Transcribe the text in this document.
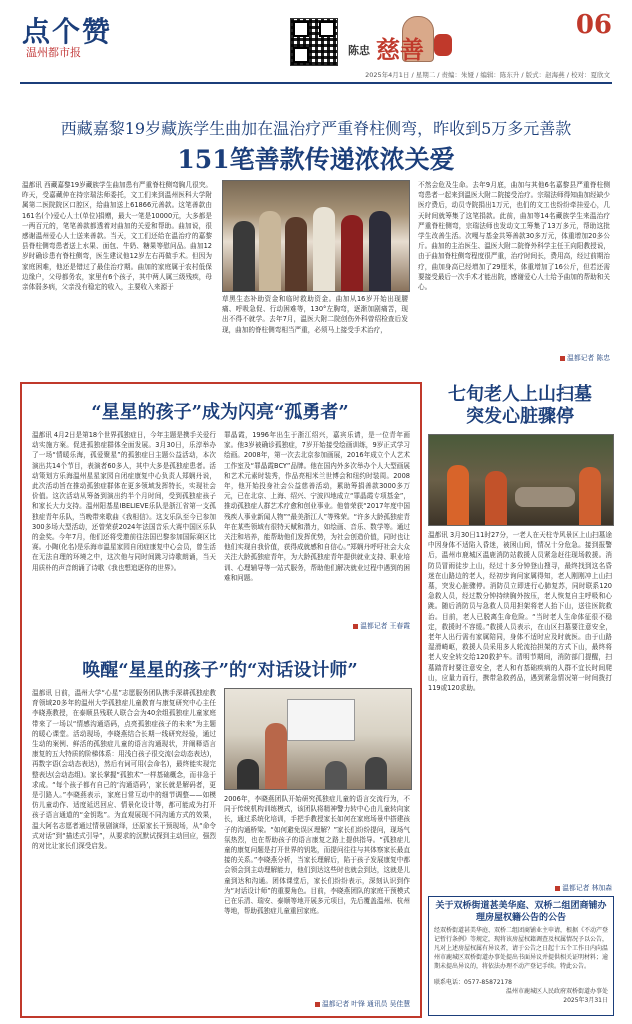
点个赞
温州都市报
06
陈忠 慈善
2025年4月1日 / 星期二 / 责编：朱娅 / 编辑：陈东升 / 版式：赵海燕 / 校对：夏欣文
西藏嘉黎19岁藏族学生曲加在温治疗严重脊柱侧弯，昨收到5万多元善款
151笔善款传递浓浓关爱
温都讯 西藏嘉黎19岁藏族学生曲加患有严重脊柱侧弯胸几很突。昨天，受嘉藏仲在持宗瑞法师委托，文工们来到温州医科大学附属第二医院院区口腔区，给曲加送上61866元善款。这笔善款由161名(个)爱心人士(单位)捐赠，最大一笔是10000元，大多都是一两百元的，笔笔善款都透着对曲加的关爱和帮助。曲加说，很感谢温州爱心人士送来善款。当天，文工们还给在温治疗的嘉黎县脊柱侧弯患者送上水果、面包、牛奶、糖果等慰问品。曲加12岁时确诊患有脊柱侧弯，医生建议他12岁左右再做手术。但因为家庭困难，他还是错过了最佳治疗期。曲加的家庭属于农村低保边缘户，父母都务农，家里有6个孩子，其中两人属三级残疾，母亲体弱多病，父亲没有稳定的收入，主要收入来源于
草黑生态补助资金和临时救助资金。曲加从16岁开始出现腰痛、呼吸急促、行动困难等，130°左胸弯，逐渐加剧痛苦，现出不得不就学。去年7月，温医大附二院创伤外科曾绍检查后发现，曲加的脊柱侧弯相当严重，必须马上接受手术治疗，
不然会危及生命。去年9月底，曲加与其他6名嘉黎县严重脊柱侧弯患者一起来到温医大附二院接受治疗。宗瑞法师得知曲加经缺少医疗费后，动员寺院捐出1万元，也们的文工也纷纷牵挂爱心，几天时间就筹集了这笔捐款。此前，曲加等14名藏族学生来温治疗严重脊柱侧弯，宗瑞法师也发动文工筹集了13万多元，帮助这批学生改善生活。次嘎与基金共筹善款30多万元，体重增加20多公斤。曲加的主治医生、温医大附二院脊外科学主任王向阳教授说，由于曲加脊柱侧弯程度很严重，治疗时间长，费用高，经过前期治疗，曲加身高已经增加了29厘米，体重增加了16公斤，但若还需要接受最后一次手术才能出院，感谢爱心人士给予曲加的帮助和关心。
温都记者 陈忠
“星星的孩子”成为闪亮“孤勇者”
温都讯 4月2日是第18个世界孤独症日，今年主题是携手关爱行动实施方案。促进孤独症群体全面发展。3月30日，乐淳举办了一场“情暖乐海，孤爱聚星”的孤独症日主题公益活动，本次演出共14个节目，表演者60多人，其中大多是孤独症患者。活动策划方乐海温州星星家园自闭症康复中心负责人郑娴丹说，此次活动旨在推动孤独症群体在更多领域发挥特长，实现社会价值。这次活动从筹备到演出约半个月时间，受到孤独症孩子和家长大力支持。温州阳基星IBELIEVE乐队是浙江省第一支孤独症青年乐队，当晚带来歌曲《我相信》。这支乐队至今已参加300多场大型活动，还曾荣获2024年法国音乐大赛中国区乐队的金奖。今年7月，他们还将受邀前往法国巴黎参加国际赛区比赛。小陶(化名)是乐海市温星家园自闭症康复中心会员，曾生活在无法自理的环境之中，这次他与同时间跳习诗歌朗诵，当天用质朴的声音朗诵了诗歌《我也想追逐你的世界》。
罪晶霞，1996年出生于浙江绍兴，嘉宾乐请，是一位青年画家。他3岁被确诊孤独症，7岁开始接受绘画训练，9岁正式学习绘画。2008年，第一次去北京参加画展，2016年成立个人艺术工作室及“罪晶霞BCY”品牌。他在国内外多次举办个人大型画展和艺术元素时装秀，作品亮相米兰世博会和纽约时装周。2008年，他开始投身社会公益慈善活动，累助筹捐善款3000多万元，已在北京、上海、绍兴、宁波四地成立“罪晶霞专项基金”，推动孤独症人群艺术疗愈和创业事业。他曾荣获“2017年度中国残疾人事业新闻人物”“最美浙江人”等殊荣。“许多大龄孤独症青年在某些领域有很特天赋和潜力，如绘画、音乐、数学等。通过关注和培养，能帮助他们发挥优势，为社会创造价值，同时也让他们实现自我价值，获得成就感和自信心。”郑娴丹呼吁社会大众关注大龄孤独症青年，为大龄孤独症青年提供就业支持、职业培训、心理辅导等一站式服务，帮助他们解决就业过程中遇到的困难和问题。
温都记者 王春霞
唤醒“星星的孩子”的“对话设计师”
温都讯 日前，温州大学“心星”志愿服务团队携手深耕孤独症教育领域20多年的温州大学孤独症儿童教育与康复研究中心主任李晓燕教授，在泰顺县残联人联合会为40余组孤独症儿童家庭带来了一场以“情感沟通语码，点亮孤独症孩子的未来”为主题的暖心课堂。活动现场，李晓燕结合长期一线研究经验，通过生动的案例、鲜活的孤独症儿童的语言沟通现状，并阐释语言康复的五大特质的阶梯体系：用浅白孩子很交流(会动态表达)，再数字语(会动态表达)，然后有词可用(会命名)，最终能实现完整表达(会动态组)。家长掌握“孤独术”一样基础概念，而非急于求成。“每个孩子都有自己的‘沟通语码’，家长就是解码者，更是引路人。”李晓燕表示，家庭日常互动中的细节调整——如模仿儿童动作、适度延迟回应、情景化设计等，都可能成为打开孩子语言通道的“金钥匙”。为直观展现不同沟通方式的效果，温大阿名志愿者通过情景剧演绎，还原家长干预现场，从“命令式对话”到“描述式引导”，从要求的沉默试探到主动回应，强烈的对比让家长们深受启发。
2006年，李晓燕团队开始研究孤独症儿童的语言交流行为，不同于传统机构训练模式，该团队将精神警力转中心由儿童转向家长，通过系统化培训，手把手教授家长如何在家庭场景中搭建孩子的沟通桥梁。“如何避免误区理解？”家长们纷纷提问，现场气氛热烈，也在帮助孩子的语言康复之路上提供指导。“孤独症儿童的康复问题是打开世界的钥匙，而提问往往与其体察家长最直接的关系。”李晓燕分析，当家长理解后，陷于孩子发展康复中都会领会到主动理解能力，他们到达这些时也就会到达，这就是儿童到达和沟通。团体课堂后，家长们纷纷表示，深刻认识到作为“对话设计师”的重要角色。目前，李晓燕团队的家庭干预模式已在乐清、瑞安、泰顺等地开展多元项目，先后覆盖温州、杭州等地，帮助孤独症儿童重回家庭。
温都记者 叶锋 通讯员 吴佳慧
七旬老人上山扫墓
突发心脏骤停
温都讯 3月30日11时27分，一老人在天柱寺风景区上山扫墓途中因身体不适陷入昏迷，被困山间，情况十分危急。接到报警后，温州市鹿城区温鹿消防站救援人员紧急赶往现场救援。消防员冒雨徒步上山，经过十多分钟登山搜寻，最终找到这名昏迷在山路边的老人，经初步询问家属得知，老人刚刚冲上山扫墓，突发心脏骤停。消防员立即进行心肺复苏，同时联系120急救人员，经过数分钟持续胸外按压，老人恢复自主呼吸和心跳。随后消防员与急救人员用担架将老人抬下山，送往医院救治。目前，老人已脱离生命危险。“当时老人生命体征很不稳定，救援时不容缓。”救援人员表示，在山区扫墓要注意安全，老年人出行需有家属陪同，身体不适时应及时就医。由于山路湿滑崎岖，救援人员采用多人轮流抬担架的方式下山，最终将老人安全转交给120救护车。清明节期间，消防部门提醒，扫墓踏青时要注意安全，老人和有基础疾病的人群不宜长时间爬山，应量力而行，携带急救药品，遇到紧急情况第一时间拨打119或120求助。
温都记者 林加森
关于双桥街道甚美华庭、双桥二组团商铺办理房屋权籍公告的公告
经双桥街道甚美华庭、双桥二组团商铺业主申请，根据《不动产登记暂行条例》等规定，现将该房屋权籍调查及权属情况予以公告，凡对上述房屋权属有异议者，请于公告之日起十五个工作日内向温州市鹿城区双桥街道办事处提出书面异议并提供相关证明材料；逾期未提出异议的，将依法办理不动产登记手续。特此公告。
联系电话：0577-85872178
温州市鹿城区人民政府双桥街道办事处
2025年3月31日
